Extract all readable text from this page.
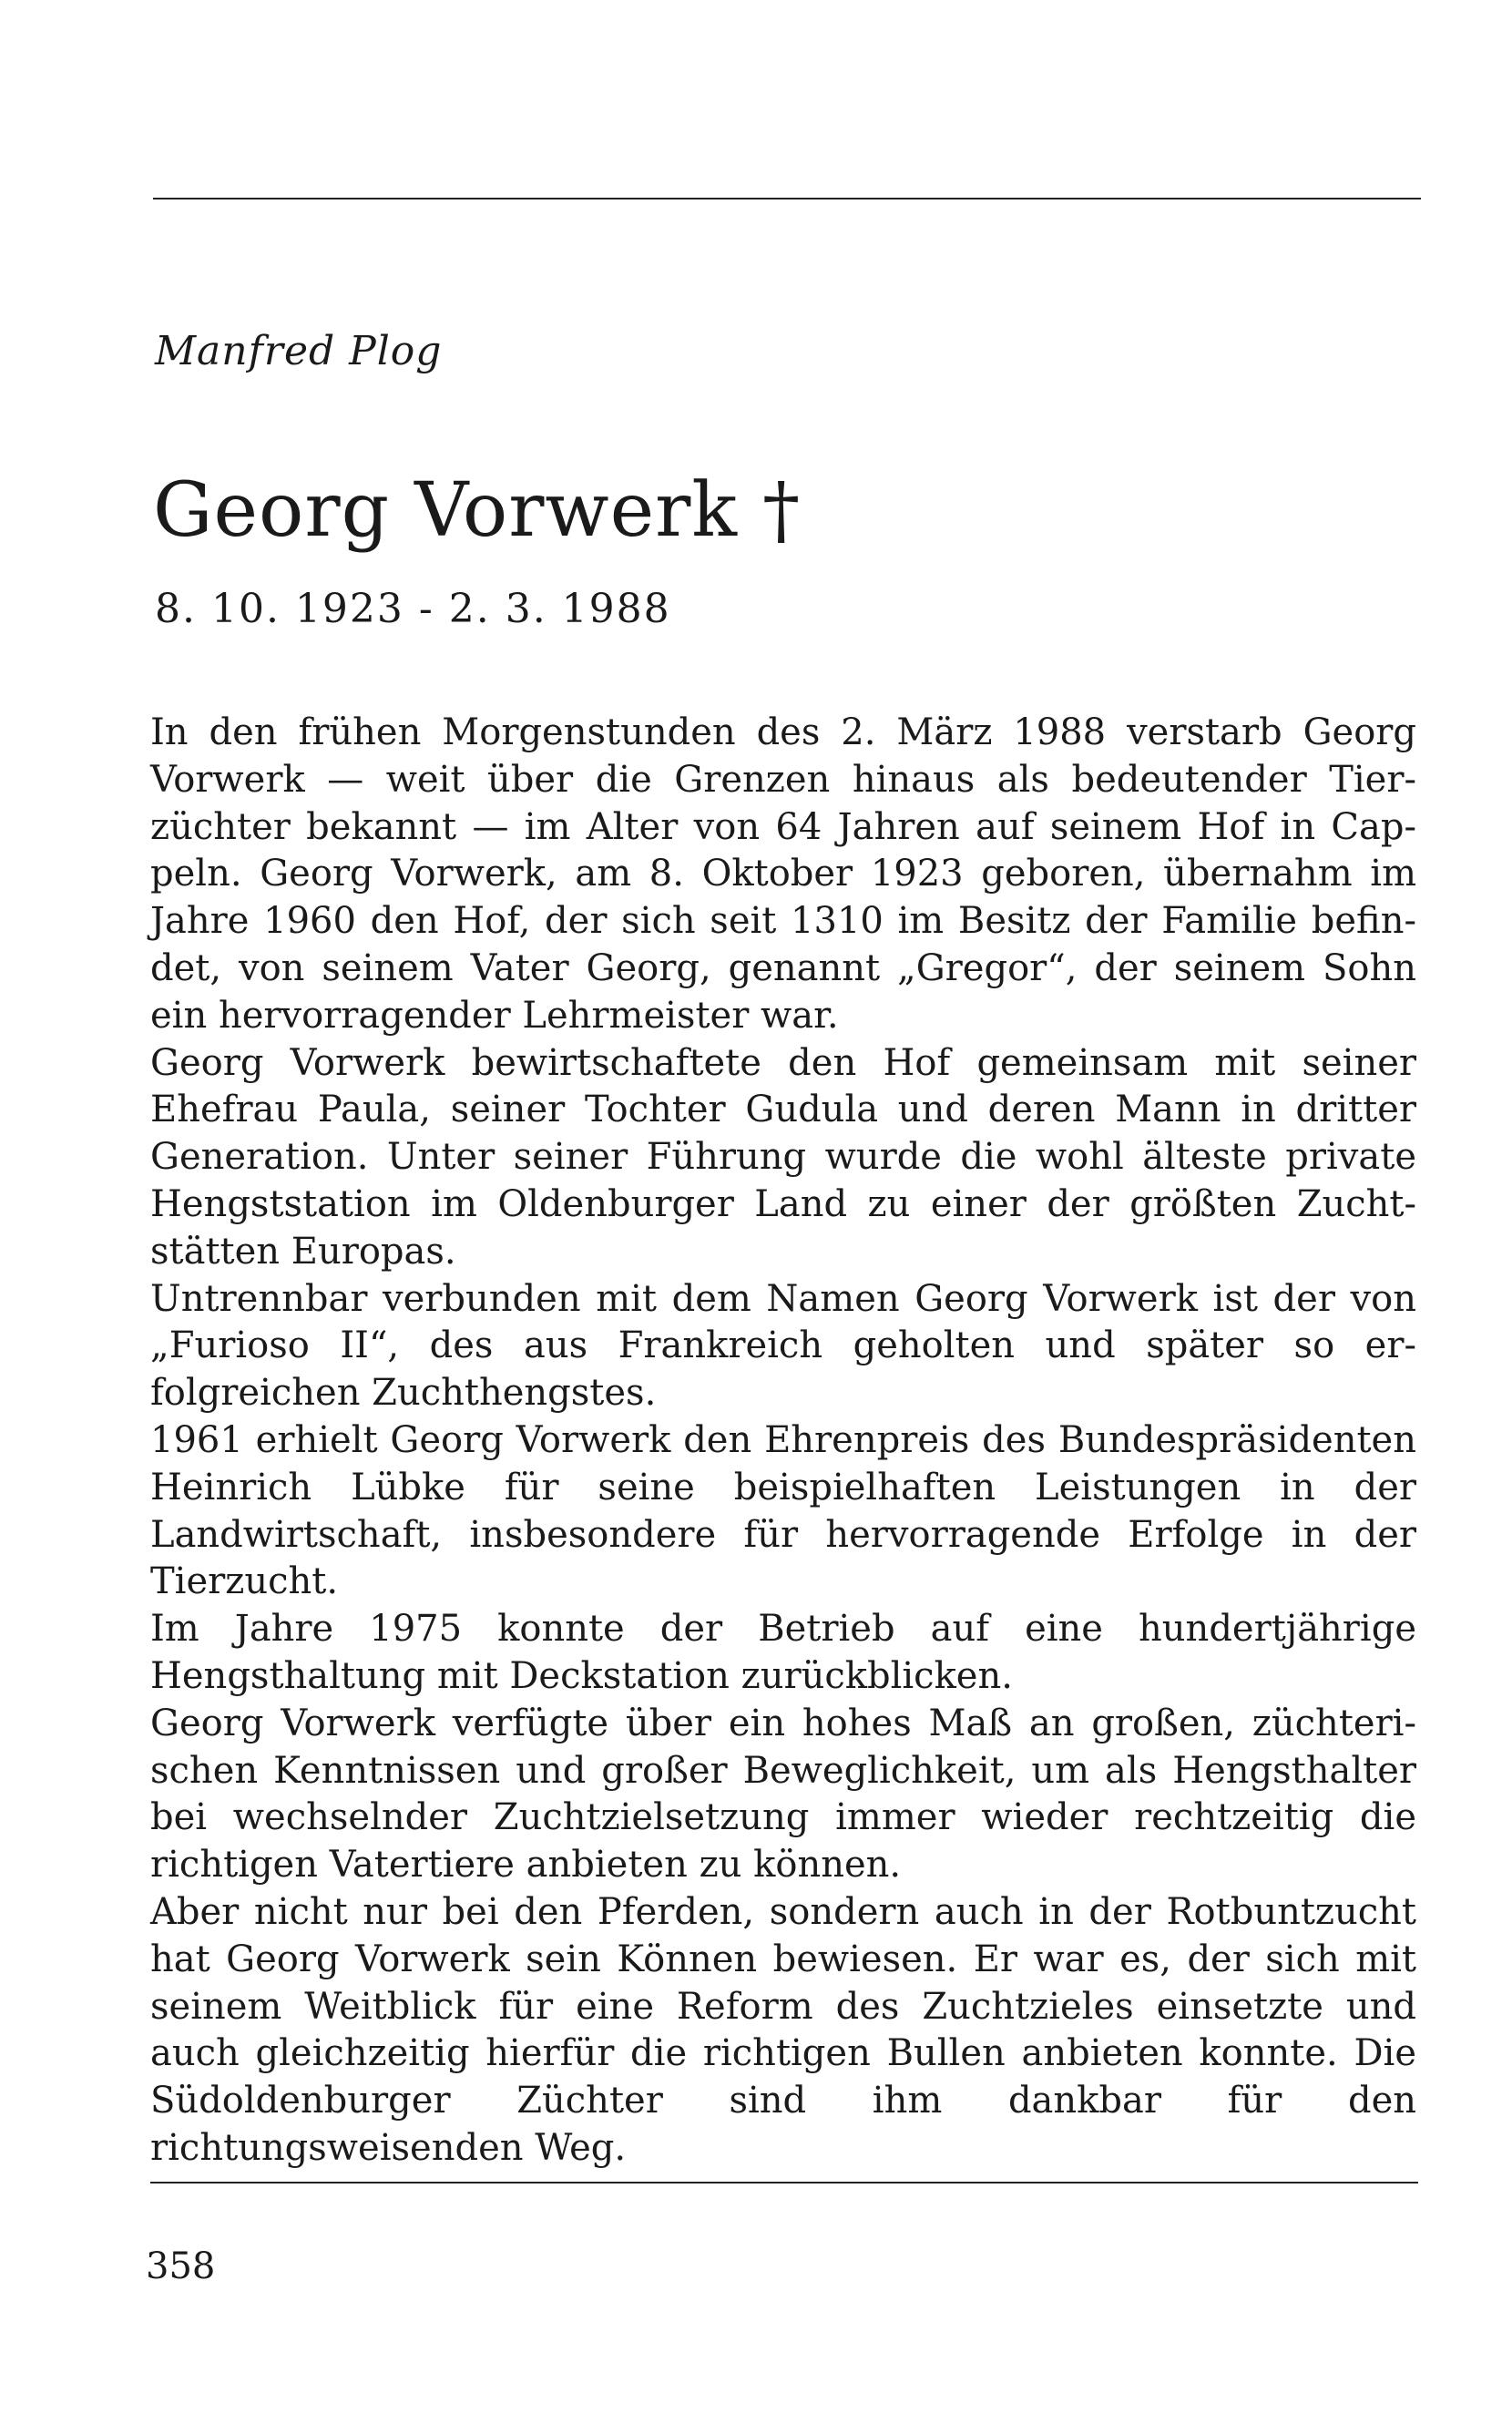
Manfred Plog
Georg Vorwerk †
8. 10. 1923 - 2. 3. 1988

In den frühen Morgenstunden des 2. März 1988 verstarb Georg Vorwerk — weit über die Grenzen hinaus als bedeutender Tierzüchter bekannt — im Alter von 64 Jahren auf seinem Hof in Cappeln. Georg Vorwerk, am 8. Oktober 1923 geboren, übernahm im Jahre 1960 den Hof, der sich seit 1310 im Besitz der Familie befindet, von seinem Vater Georg, genannt „Gregor“, der seinem Sohn ein hervorragender Lehrmeister war.

Georg Vorwerk bewirtschaftete den Hof gemeinsam mit seiner Ehefrau Paula, seiner Tochter Gudula und deren Mann in dritter Generation. Unter seiner Führung wurde die wohl älteste private Hengststation im Oldenburger Land zu einer der größten Zuchtstätten Europas.

Untrennbar verbunden mit dem Namen Georg Vorwerk ist der von „Furioso II“, des aus Frankreich geholten und später so erfolgreichen Zuchthengstes.

1961 erhielt Georg Vorwerk den Ehrenpreis des Bundespräsidenten Heinrich Lübke für seine beispielhaften Leistungen in der Landwirtschaft, insbesondere für hervorragende Erfolge in der Tierzucht.

Im Jahre 1975 konnte der Betrieb auf eine hundertjährige Hengsthaltung mit Deckstation zurückblicken.

Georg Vorwerk verfügte über ein hohes Maß an großen, züchterischen Kenntnissen und großer Beweglichkeit, um als Hengsthalter bei wechselnder Zuchtzielsetzung immer wieder rechtzeitig die richtigen Vatertiere anbieten zu können.

Aber nicht nur bei den Pferden, sondern auch in der Rotbuntzucht hat Georg Vorwerk sein Können bewiesen. Er war es, der sich mit seinem Weitblick für eine Reform des Zuchtzieles einsetzte und auch gleichzeitig hierfür die richtigen Bullen anbieten konnte. Die Südoldenburger Züchter sind ihm dankbar für den richtungsweisenden Weg.

358
